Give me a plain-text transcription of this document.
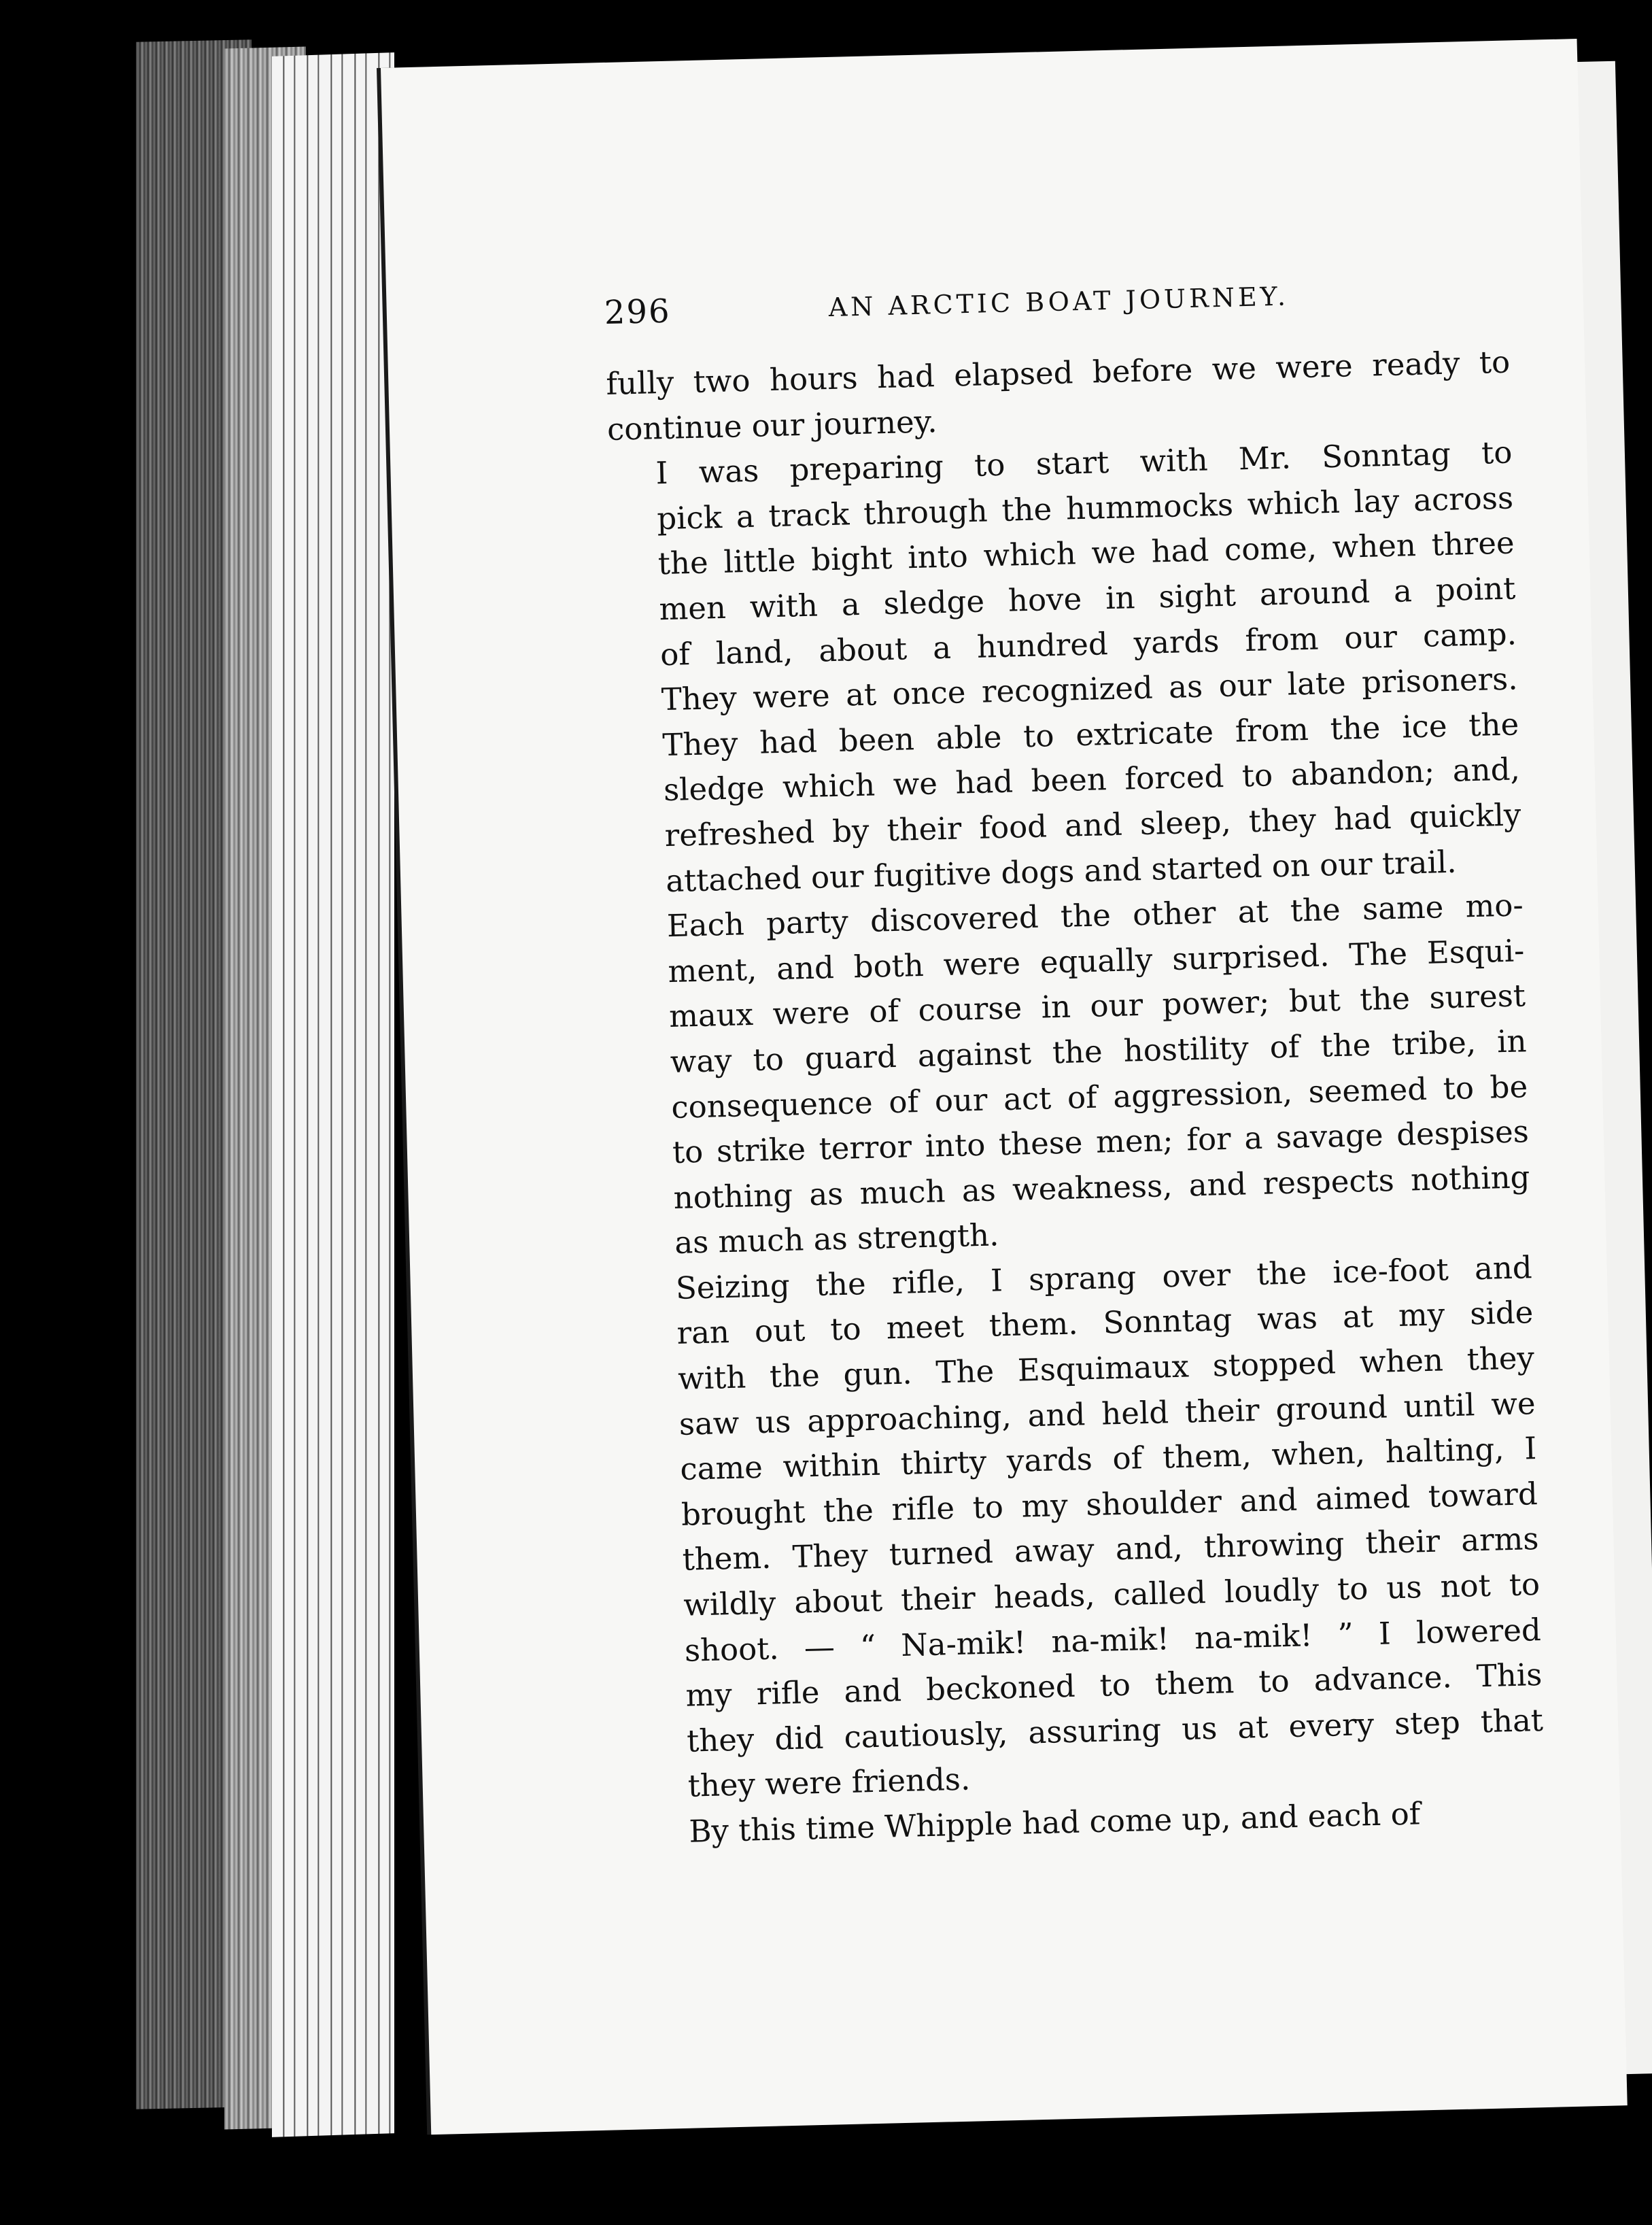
296	AN ARCTIC BOAT JOURNEY.

fully two hours had elapsed before we were ready to
continue our journey.

I was preparing to start with Mr. Sonntag to
pick a track through the hummocks which lay across
the little bight into which we had come, when three
men with a sledge hove in sight around a point
of land, about a hundred yards from our camp.
They were at once recognized as our late prisoners.
They had been able to extricate from the ice the
sledge which we had been forced to abandon; and,
refreshed by their food and sleep, they had quickly
attached our fugitive dogs and started on our trail.

Each party discovered the other at the same mo-
ment, and both were equally surprised. The Esqui-
maux were of course in our power; but the surest
way to guard against the hostility of the tribe, in
consequence of our act of aggression, seemed to be
to strike terror into these men; for a savage despises
nothing as much as weakness, and respects nothing
as much as strength.

Seizing the rifle, I sprang over the ice-foot and
ran out to meet them. Sonntag was at my side
with the gun. The Esquimaux stopped when they
saw us approaching, and held their ground until we
came within thirty yards of them, when, halting, I
brought the rifle to my shoulder and aimed toward
them. They turned away and, throwing their arms
wildly about their heads, called loudly to us not to
shoot. — “ Na-mik! na-mik! na-mik! ” I lowered
my rifle and beckoned to them to advance. This
they did cautiously, assuring us at every step that
they were friends.

By this time Whipple had come up, and each of
